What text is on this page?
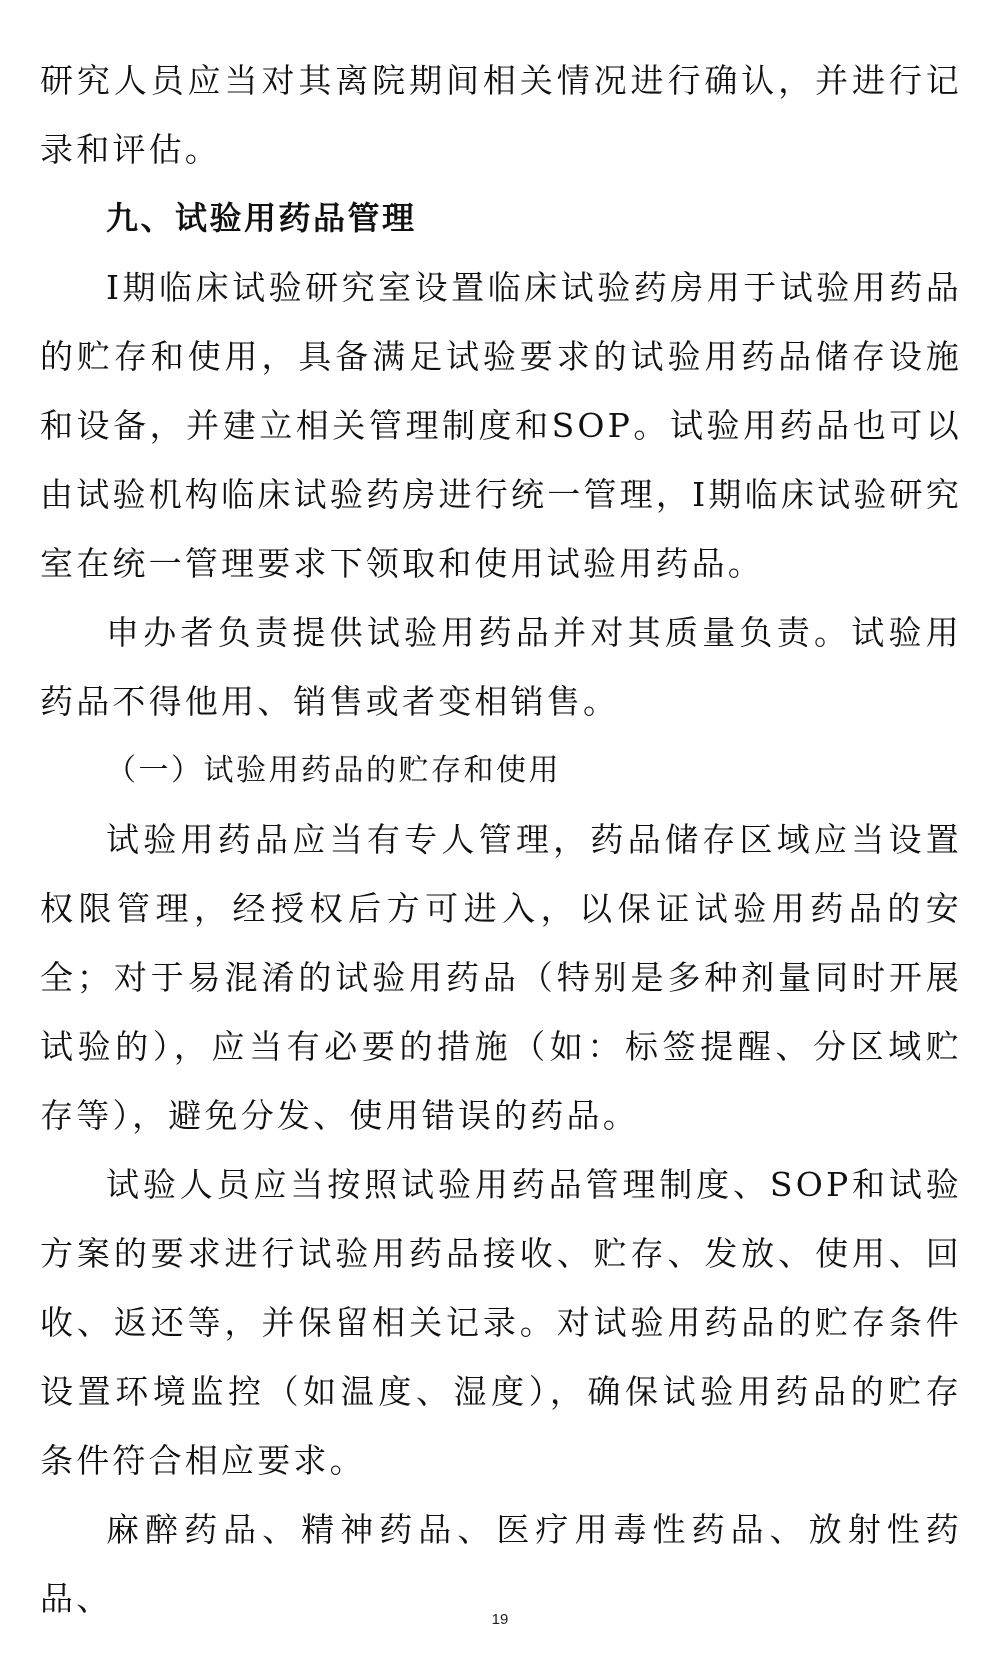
研究人员应当对其离院期间相关情况进行确认，并进行记录和评估。

九、试验用药品管理

Ⅰ期临床试验研究室设置临床试验药房用于试验用药品的贮存和使用，具备满足试验要求的试验用药品储存设施和设备，并建立相关管理制度和SOP。试验用药品也可以由试验机构临床试验药房进行统一管理，Ⅰ期临床试验研究室在统一管理要求下领取和使用试验用药品。

申办者负责提供试验用药品并对其质量负责。试验用药品不得他用、销售或者变相销售。

（一）试验用药品的贮存和使用

试验用药品应当有专人管理，药品储存区域应当设置权限管理，经授权后方可进入，以保证试验用药品的安全；对于易混淆的试验用药品（特别是多种剂量同时开展试验的），应当有必要的措施（如：标签提醒、分区域贮存等），避免分发、使用错误的药品。

试验人员应当按照试验用药品管理制度、SOP和试验方案的要求进行试验用药品接收、贮存、发放、使用、回收、返还等，并保留相关记录。对试验用药品的贮存条件设置环境监控（如温度、湿度），确保试验用药品的贮存条件符合相应要求。

麻醉药品、精神药品、医疗用毒性药品、放射性药品、

19
